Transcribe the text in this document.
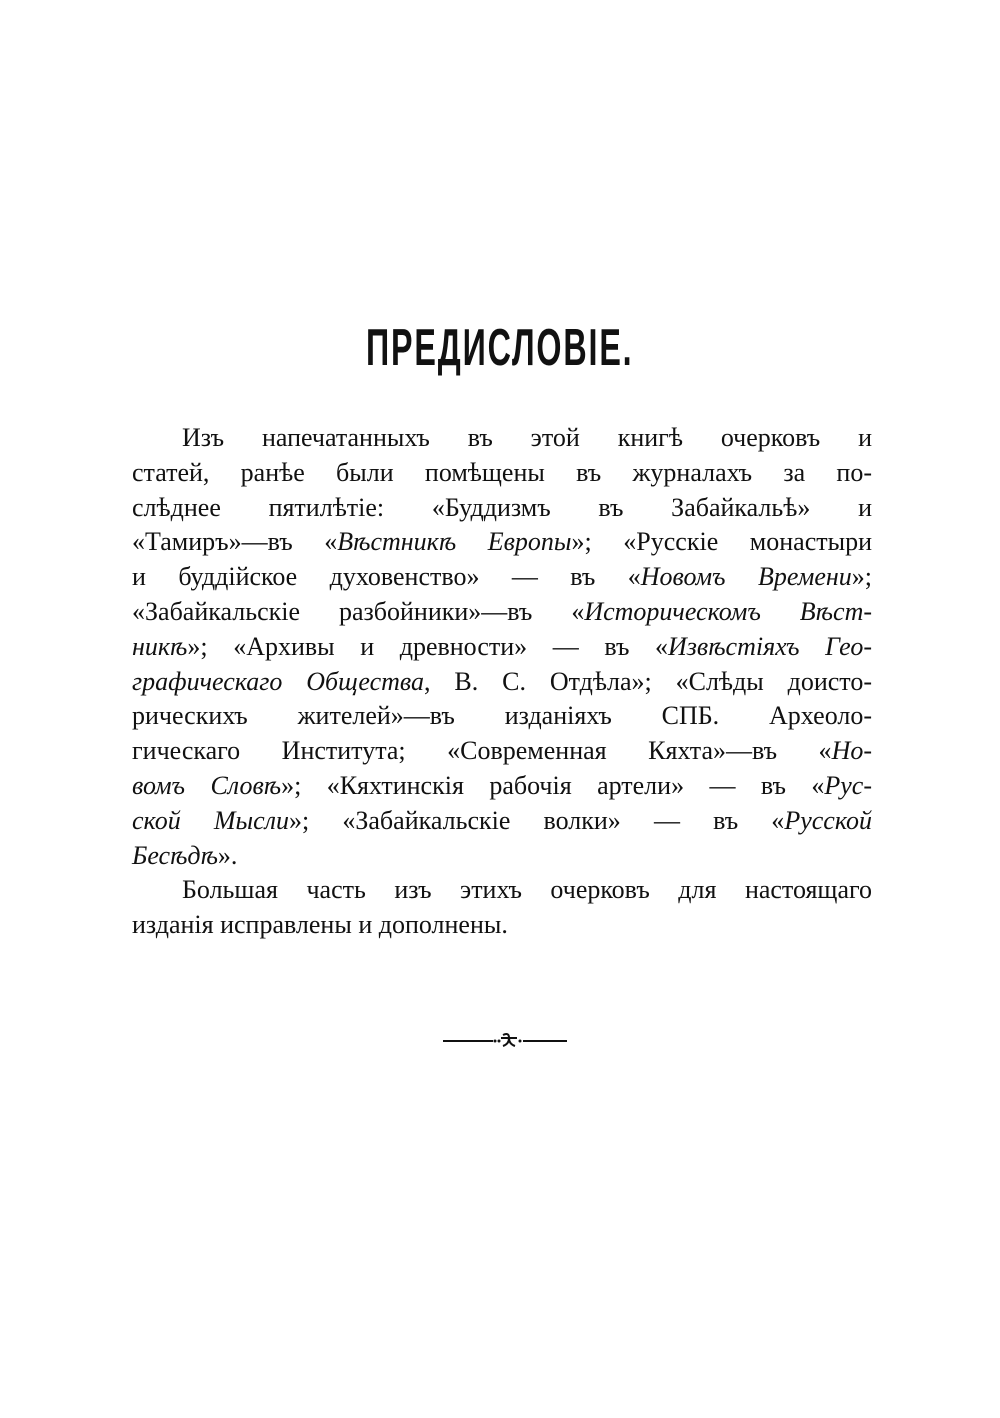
ПРЕДИСЛОВІЕ.
Изъ напечатанныхъ въ этой книгѣ очерковъ и
статей, ранѣе были помѣщены въ журналахъ за по-
слѣднее пятилѣтіе: «Буддизмъ въ Забайкальѣ» и
«Тамиръ»—въ «Вѣстникѣ Европы»; «Русскіе монастыри
и буддійское духовенство» — въ «Новомъ Времени»;
«Забайкальскіе разбойники»—въ «Историческомъ Вѣст-
никѣ»; «Архивы и древности» — въ «Извѣстіяхъ Гео-
графическаго Общества, В. С. Отдѣла»; «Слѣды доисто-
рическихъ жителей»—въ изданіяхъ СПБ. Археоло-
гическаго Института; «Современная Кяхта»—въ «Но-
вомъ Словѣ»; «Кяхтинскія рабочія артели» — въ «Рус-
ской Мысли»; «Забайкальскіе волки» — въ «Русской
Бесѣдѣ».
Большая часть изъ этихъ очерковъ для настоящаго
изданія исправлены и дополнены.
